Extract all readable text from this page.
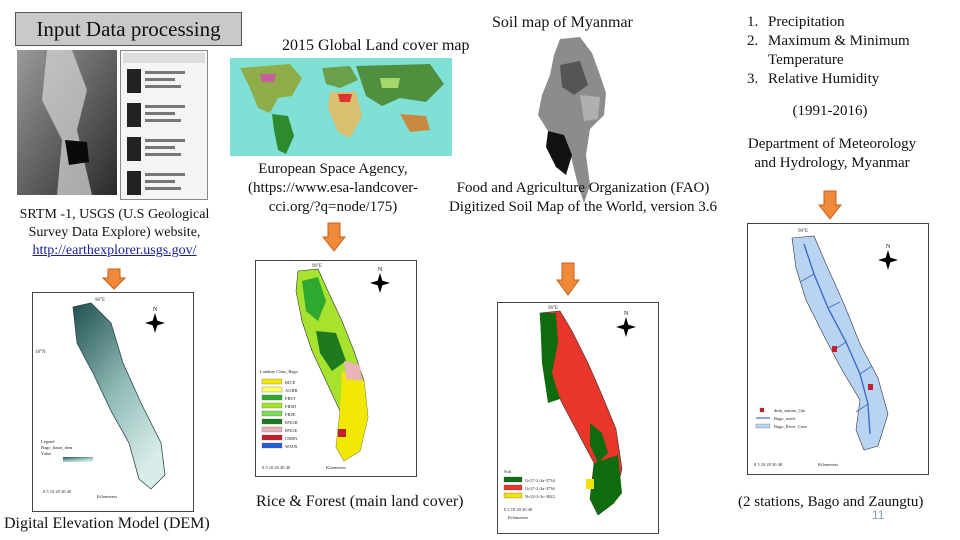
Input Data processing
SRTM -1, USGS (U.S Geological Survey Data Explore) website, http://earthexplorer.usgs.gov/
96°E
18°N
N
Legend
Bago_basin_dem
Value
0 5 10 20 30 40
Kilometers
Digital Elevation Model (DEM)
2015 Global Land cover map
European Space Agency, (https://www.esa-landcover-cci.org/?q=node/175)
96°E
N
Landuse Class_Bago
RICE
AGRR
FRST
FRSD
FRSE
RNGB
RNGE
URBN
WATR
0 5 10 20 30 40	Kilometers
Rice & Forest (main land cover)
Soil map of Myanmar
Food and Agriculture Organization (FAO) Digitized Soil Map of the World, version 3.6
96°E
N
Soil
Gc37-2-3a-3734
Gc37-2-3a-3736
Nc32-2-3c-3822
0 5 10 20 30 40
Kilometers
1. Precipitation
2. Maximum & Minimum Temperature
3. Relative Humidity
(1991-2016)
Department of Meteorology and Hydrology, Myanmar
96°E
N
dmh_station_Glo
Bago_reach
Bago_River_Case
0 5 10 20 30 40	Kilometers
(2 stations, Bago and Zaungtu)
11
